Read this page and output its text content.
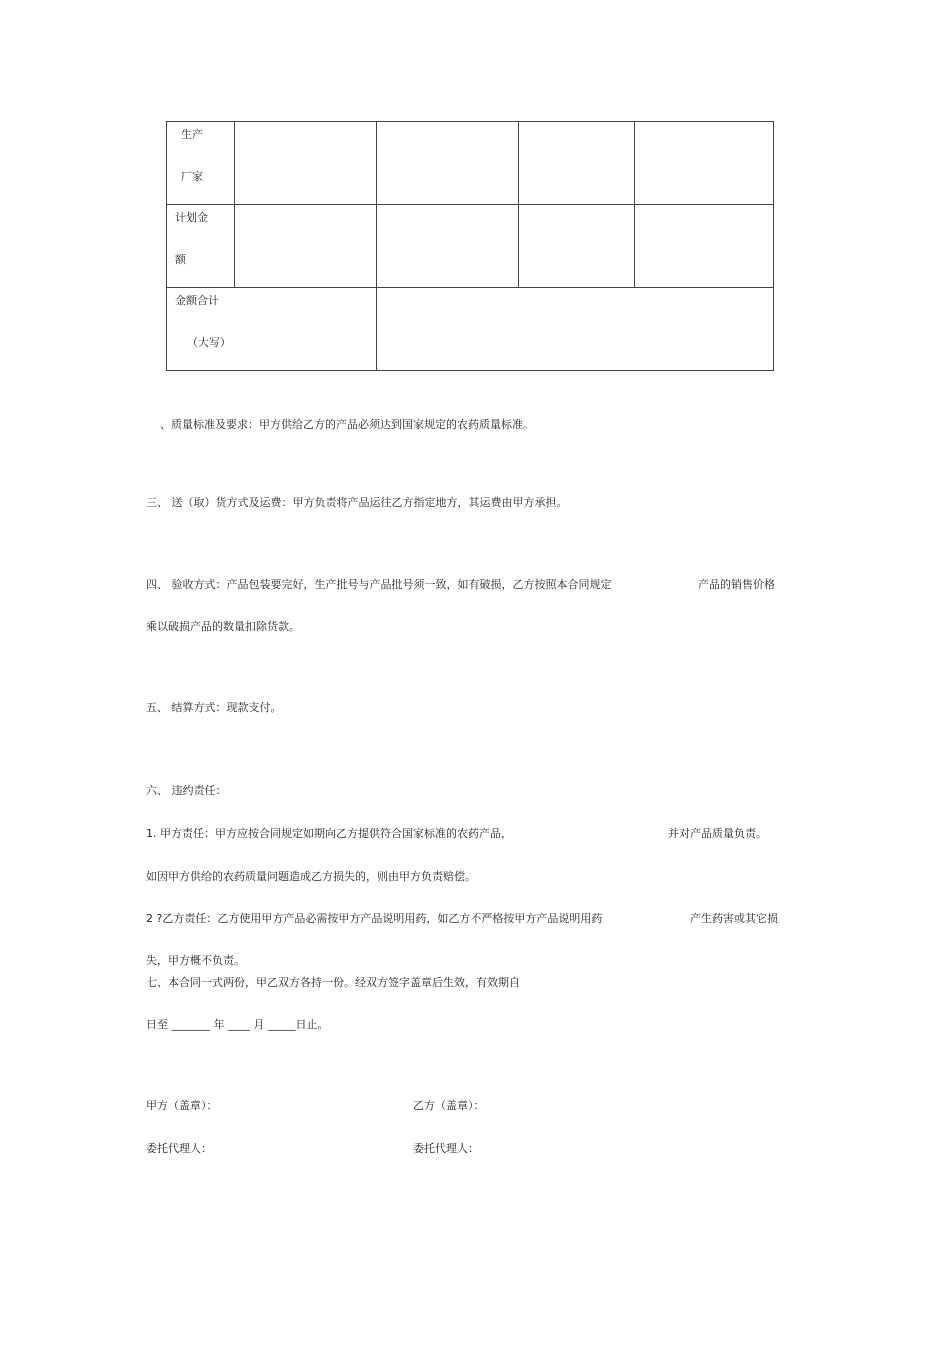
生产
厂家				

计划金
额				

金额合计
（大写）				

、质量标准及要求：甲方供给乙方的产品必须达到国家规定的农药质量标准。
三、 送（取）货方式及运费：甲方负责将产品运往乙方指定地方，其运费由甲方承担。
四、 验收方式：产品包装要完好，生产批号与产品批号须一致，如有破损，乙方按照本合同规定	产品的销售价格
乘以破损产品的数量扣除货款。
五、 结算方式：现款支付。
六、 违约责任：
1. 甲方责任：甲方应按合同规定如期向乙方提供符合国家标准的农药产品，	并对产品质量负责。
如因甲方供给的农药质量问题造成乙方损失的，则由甲方负责赔偿。
2 ?乙方责任：乙方使用甲方产品必需按甲方产品说明用药，如乙方不严格按甲方产品说明用药	产生药害或其它损
失，甲方概不负责。
七、本合同一式两份，甲乙双方各持一份。经双方签字盖章后生效，有效期自
日至 _______ 年 ____ 月 _____日止。
甲方（盖章）：	乙方（盖章）：
委托代理人：	委托代理人：
